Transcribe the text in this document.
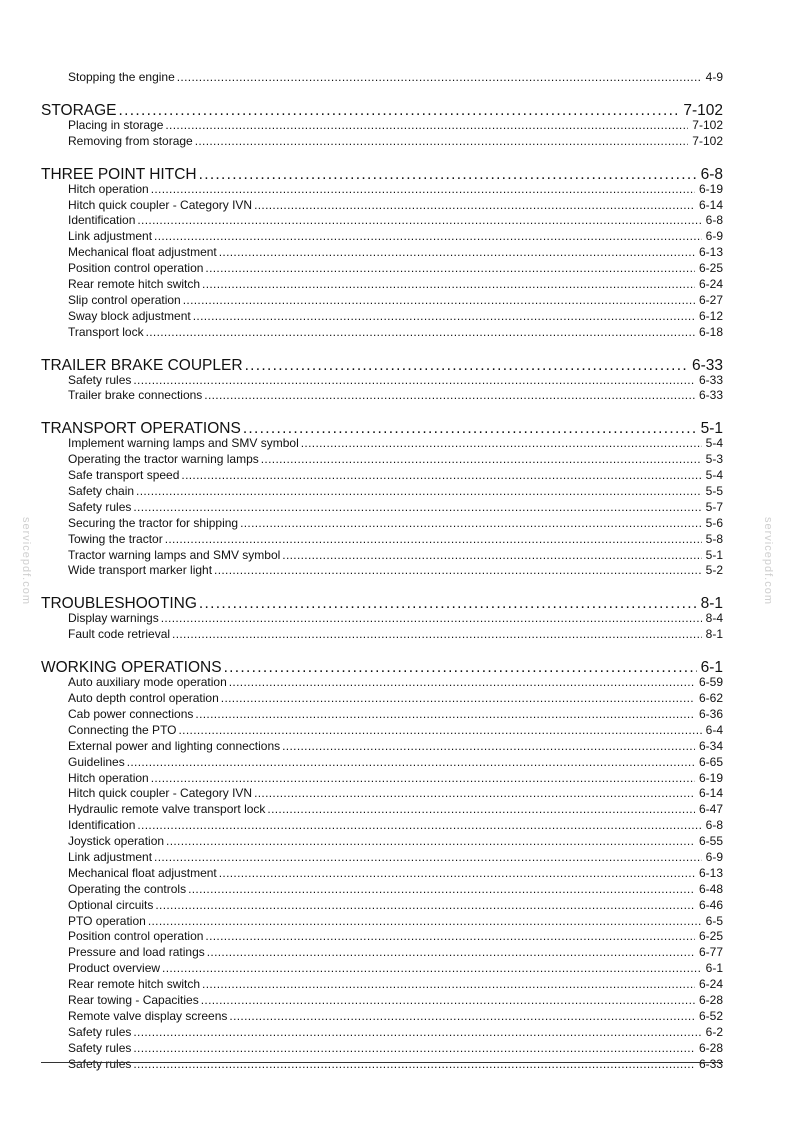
Stopping the engine . . .	4-9
STORAGE . . .	7-102
Placing in storage . . .	7-102
Removing from storage . . .	7-102
THREE POINT HITCH . . .	6-8
Hitch operation . . .	6-19
Hitch quick coupler - Category IVN . . .	6-14
Identification . . .	6-8
Link adjustment . . .	6-9
Mechanical float adjustment . . .	6-13
Position control operation . . .	6-25
Rear remote hitch switch . . .	6-24
Slip control operation . . .	6-27
Sway block adjustment . . .	6-12
Transport lock . . .	6-18
TRAILER BRAKE COUPLER . . .	6-33
Safety rules . . .	6-33
Trailer brake connections . . .	6-33
TRANSPORT OPERATIONS . . .	5-1
Implement warning lamps and SMV symbol . . .	5-4
Operating the tractor warning lamps . . .	5-3
Safe transport speed . . .	5-4
Safety chain . . .	5-5
Safety rules . . .	5-7
Securing the tractor for shipping . . .	5-6
Towing the tractor . . .	5-8
Tractor warning lamps and SMV symbol . . .	5-1
Wide transport marker light . . .	5-2
TROUBLESHOOTING . . .	8-1
Display warnings . . .	8-4
Fault code retrieval . . .	8-1
WORKING OPERATIONS . . .	6-1
Auto auxiliary mode operation . . .	6-59
Auto depth control operation . . .	6-62
Cab power connections . . .	6-36
Connecting the PTO . . .	6-4
External power and lighting connections . . .	6-34
Guidelines . . .	6-65
Hitch operation . . .	6-19
Hitch quick coupler - Category IVN . . .	6-14
Hydraulic remote valve transport lock . . .	6-47
Identification . . .	6-8
Joystick operation . . .	6-55
Link adjustment . . .	6-9
Mechanical float adjustment . . .	6-13
Operating the controls . . .	6-48
Optional circuits . . .	6-46
PTO operation . . .	6-5
Position control operation . . .	6-25
Pressure and load ratings . . .	6-77
Product overview . . .	6-1
Rear remote hitch switch . . .	6-24
Rear towing - Capacities . . .	6-28
Remote valve display screens . . .	6-52
Safety rules . . .	6-2
Safety rules . . .	6-28
Safety rules . . .	6-33
servicepdf.com	servicepdf.com
